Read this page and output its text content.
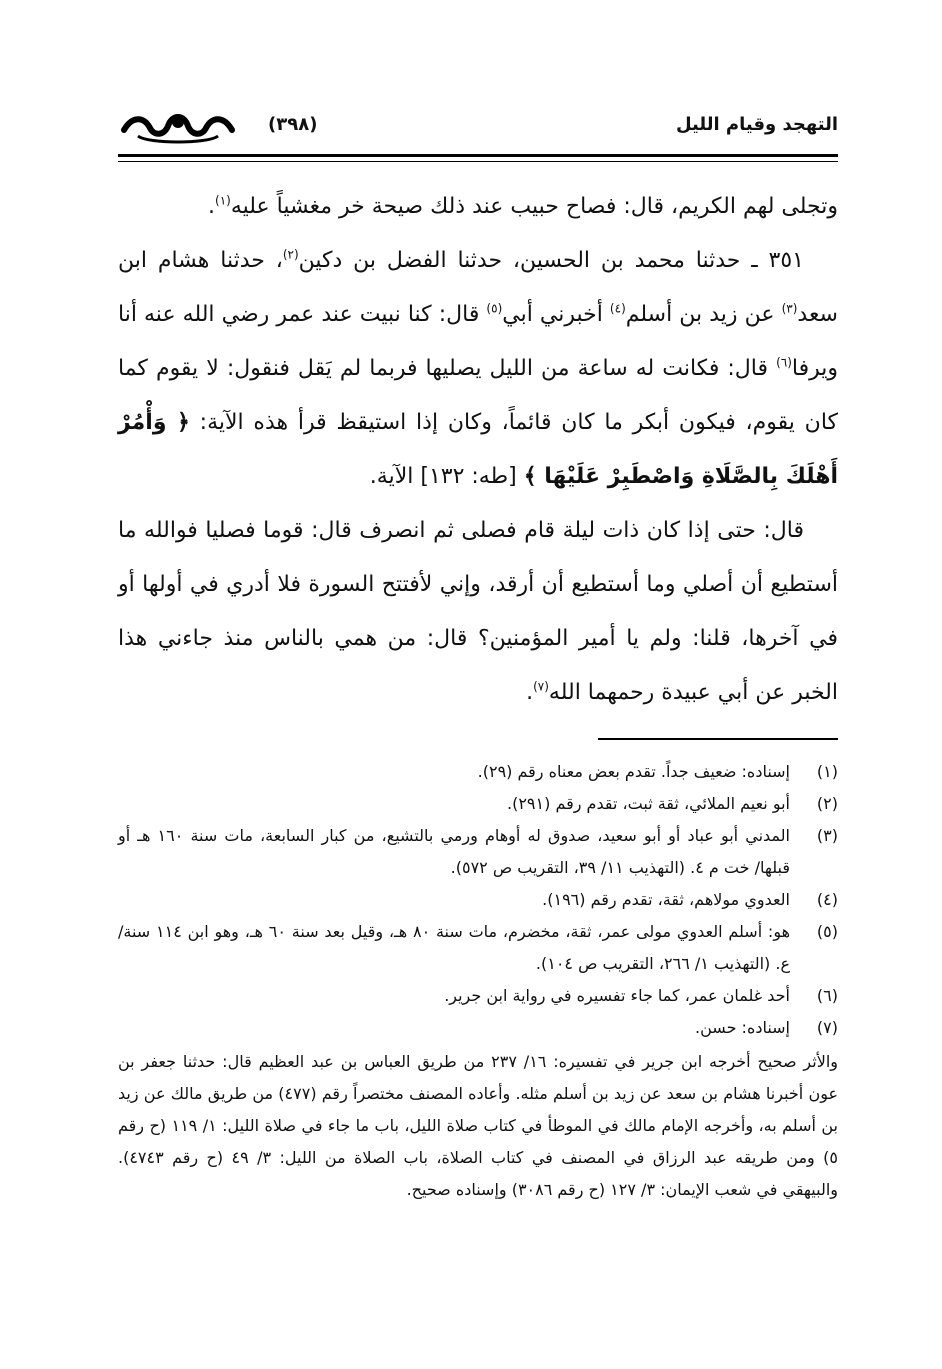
التهجد وقيام الليل
(٣٩٨)

وتجلى لهم الكريم، قال: فصاح حبيب عند ذلك صيحة خر مغشياً عليه$^{(١)}$.

٣٥١ ـ حدثنا محمد بن الحسين، حدثنا الفضل بن دكين$^{(٢)}$، حدثنا هشام ابن سعد$^{(٣)}$ عن زيد بن أسلم$^{(٤)}$ أخبرني أبي$^{(٥)}$ قال: كنا نبيت عند عمر رضي الله عنه أنا ويرفا$^{(٦)}$ قال: فكانت له ساعة من الليل يصليها فربما لم يَقل فنقول: لا يقوم كما كان يقوم، فيكون أبكر ما كان قائماً، وكان إذا استيقظ قرأ هذه الآية: ﴿ وَأْمُرْ أَهْلَكَ بِالصَّلَاةِ وَاصْطَبِرْ عَلَيْهَا ﴾ [طه: ١٣٢] الآية.

قال: حتى إذا كان ذات ليلة قام فصلى ثم انصرف قال: قوما فصليا فوالله ما أستطيع أن أصلي وما أستطيع أن أرقد، وإني لأفتتح السورة فلا أدري في أولها أو في آخرها، قلنا: ولم يا أمير المؤمنين؟ قال: من همي بالناس منذ جاءني هذا الخبر عن أبي عبيدة رحمهما الله$^{(٧)}$.

(١)
إسناده: ضعيف جداً. تقدم بعض معناه رقم (٢٩).
(٢)
أبو نعيم الملائي، ثقة ثبت، تقدم رقم (٢٩١).
(٣)
المدني أبو عباد أو أبو سعيد، صدوق له أوهام ورمي بالتشيع، من كبار السابعة، مات سنة ١٦٠ هـ أو قبلها/ خت م ٤. (التهذيب ١١/ ٣٩، التقريب ص ٥٧٢).
(٤)
العدوي مولاهم، ثقة، تقدم رقم (١٩٦).
(٥)
هو: أسلم العدوي مولى عمر، ثقة، مخضرم، مات سنة ٨٠ هـ، وقيل بعد سنة ٦٠ هـ، وهو ابن ١١٤ سنة/ ع. (التهذيب ١/ ٢٦٦، التقريب ص ١٠٤).
(٦)
أحد غلمان عمر، كما جاء تفسيره في رواية ابن جرير.
(٧)
إسناده: حسن.
والأثر صحيح أخرجه ابن جرير في تفسيره: ١٦/ ٢٣٧ من طريق العباس بن عبد العظيم قال: حدثنا جعفر بن عون أخبرنا هشام بن سعد عن زيد بن أسلم مثله. وأعاده المصنف مختصراً رقم (٤٧٧) من طريق مالك عن زيد بن أسلم به، وأخرجه الإمام مالك في الموطأ في كتاب صلاة الليل، باب ما جاء في صلاة الليل: ١/ ١١٩ (ح رقم ٥) ومن طريقه عبد الرزاق في المصنف في كتاب الصلاة، باب الصلاة من الليل: ٣/ ٤٩ (ح رقم ٤٧٤٣). والبيهقي في شعب الإيمان: ٣/ ١٢٧ (ح رقم ٣٠٨٦) وإسناده صحيح.
